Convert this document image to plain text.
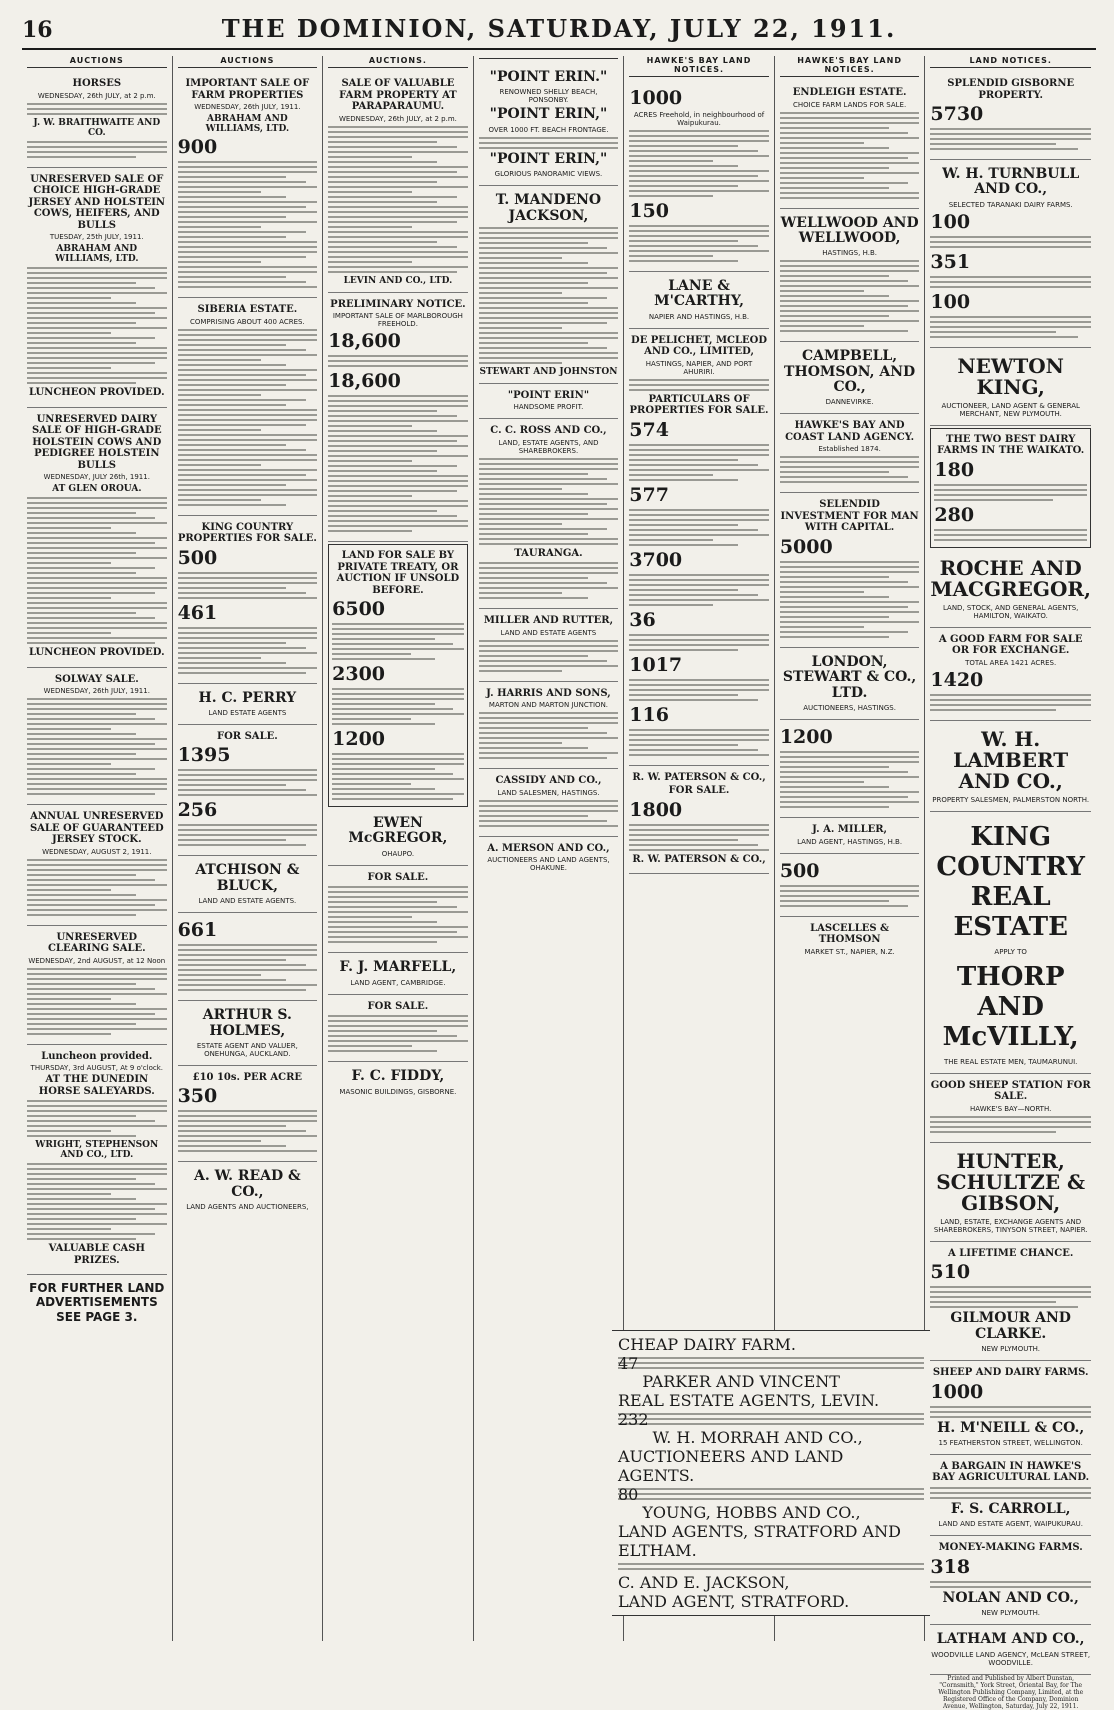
16	THE DOMINION, SATURDAY, JULY 22, 1911.
AUCTIONS
HORSES
WEDNESDAY, 26th JULY, at 2 p.m.
J. W. BRAITHWAITE AND CO.
UNRESERVED SALE OF CHOICE HIGH-GRADE JERSEY AND HOLSTEIN COWS, HEIFERS, AND BULLS
TUESDAY, 25th JULY, 1911.
ABRAHAM AND WILLIAMS, LTD.
LUNCHEON PROVIDED.
UNRESERVED DAIRY SALE OF HIGH-GRADE HOLSTEIN COWS AND PEDIGREE HOLSTEIN BULLS
WEDNESDAY, JULY 26th, 1911.
AT GLEN OROUA.
LUNCHEON PROVIDED.
SOLWAY SALE.
WEDNESDAY, 26th JULY, 1911.
ANNUAL UNRESERVED SALE OF GUARANTEED JERSEY STOCK.
WEDNESDAY, AUGUST 2, 1911.
UNRESERVED CLEARING SALE.
WEDNESDAY, 2nd AUGUST, at 12 Noon
Luncheon provided.
THURSDAY, 3rd AUGUST, At 9 o'clock.
AT THE DUNEDIN HORSE SALEYARDS.
WRIGHT, STEPHENSON AND CO., LTD.
VALUABLE CASH PRIZES.
FOR FURTHER LAND ADVERTISEMENTS SEE PAGE 3.
AUCTIONS
IMPORTANT SALE OF FARM PROPERTIES
WEDNESDAY, 26th JULY, 1911.
ABRAHAM AND WILLIAMS, LTD.
900
SIBERIA ESTATE.
COMPRISING ABOUT 400 ACRES.
KING COUNTRY PROPERTIES FOR SALE.
500
461
H. C. PERRY
LAND ESTATE AGENTS
FOR SALE.
1395
256
ATCHISON & BLUCK,
LAND AND ESTATE AGENTS.
661
ARTHUR S. HOLMES,
ESTATE AGENT AND VALUER, ONEHUNGA, AUCKLAND.
£10 10s. PER ACRE
350
A. W. READ & CO.,
LAND AGENTS AND AUCTIONEERS,
AUCTIONS.
SALE OF VALUABLE FARM PROPERTY AT PARAPARAUMU.
WEDNESDAY, 26th JULY, at 2 p.m.
LEVIN AND CO., LTD.
PRELIMINARY NOTICE.
IMPORTANT SALE OF MARLBOROUGH FREEHOLD.
18,600
18,600
LAND FOR SALE BY PRIVATE TREATY, OR AUCTION IF UNSOLD BEFORE.
6500
2300
1200
EWEN McGREGOR,
OHAUPO.
FOR SALE.
F. J. MARFELL,
LAND AGENT, CAMBRIDGE.
FOR SALE.
F. C. FIDDY,
MASONIC BUILDINGS, GISBORNE.
"POINT ERIN."
RENOWNED SHELLY BEACH, PONSONBY.
"POINT ERIN,"
OVER 1000 FT. BEACH FRONTAGE.
"POINT ERIN,"
GLORIOUS PANORAMIC VIEWS.
T. MANDENO JACKSON,
STEWART AND JOHNSTON
"POINT ERIN"
HANDSOME PROFIT.
C. C. ROSS AND CO.,
LAND, ESTATE AGENTS, AND SHAREBROKERS.
TAURANGA.
MILLER AND RUTTER,
LAND AND ESTATE AGENTS
J. HARRIS AND SONS,
MARTON AND MARTON JUNCTION.
CASSIDY AND CO.,
LAND SALESMEN, HASTINGS.
A. MERSON AND CO.,
AUCTIONEERS AND LAND AGENTS, OHAKUNE.
HAWKE'S BAY LAND NOTICES.
1000
ACRES Freehold, in neighbourhood of Waipukurau.
150
LANE & M'CARTHY,
NAPIER AND HASTINGS, H.B.
DE PELICHET, MCLEOD AND CO., LIMITED,
HASTINGS, NAPIER, AND PORT AHURIRI.
PARTICULARS OF PROPERTIES FOR SALE.
574
577
3700
36
1017
116
R. W. PATERSON & CO.,
FOR SALE.
1800
R. W. PATERSON & CO.,
HAWKE'S BAY LAND NOTICES.
ENDLEIGH ESTATE.
CHOICE FARM LANDS FOR SALE.
WELLWOOD AND WELLWOOD,
HASTINGS, H.B.
CAMPBELL, THOMSON, AND CO.,
DANNEVIRKE.
HAWKE'S BAY AND COAST LAND AGENCY.
Established 1874.
SELENDID INVESTMENT FOR MAN WITH CAPITAL.
5000
LONDON, STEWART & CO., LTD.
AUCTIONEERS, HASTINGS.
1200
J. A. MILLER,
LAND AGENT, HASTINGS, H.B.
500
LASCELLES & THOMSON
MARKET ST., NAPIER, N.Z.
LAND NOTICES.
SPLENDID GISBORNE PROPERTY.
5730
W. H. TURNBULL AND CO.,
SELECTED TARANAKI DAIRY FARMS.
100
351
100
NEWTON KING,
AUCTIONEER, LAND AGENT & GENERAL MERCHANT, NEW PLYMOUTH.
THE TWO BEST DAIRY FARMS IN THE WAIKATO.
180
280
ROCHE AND MACGREGOR,
LAND, STOCK, AND GENERAL AGENTS, HAMILTON, WAIKATO.
A GOOD FARM FOR SALE OR FOR EXCHANGE.
TOTAL AREA 1421 ACRES.
1420
W. H. LAMBERT AND CO.,
PROPERTY SALESMEN, PALMERSTON NORTH.
KING COUNTRY REAL ESTATE
APPLY TO
THORP AND McVILLY,
THE REAL ESTATE MEN, TAUMARUNUI.
GOOD SHEEP STATION FOR SALE.
HAWKE'S BAY—NORTH.
HUNTER, SCHULTZE & GIBSON,
LAND, ESTATE, EXCHANGE AGENTS AND SHAREBROKERS, TINYSON STREET, NAPIER.
A LIFETIME CHANCE.
510
GILMOUR AND CLARKE.
NEW PLYMOUTH.
SHEEP AND DAIRY FARMS.
1000
H. M'NEILL & CO.,
15 FEATHERSTON STREET, WELLINGTON.
A BARGAIN IN HAWKE'S BAY AGRICULTURAL LAND.
F. S. CARROLL,
LAND AND ESTATE AGENT, WAIPUKURAU.
MONEY-MAKING FARMS.
318
NOLAN AND CO.,
NEW PLYMOUTH.
LATHAM AND CO.,
WOODVILLE LAND AGENCY, McLEAN STREET, WOODVILLE.
Printed and Published by Albert Dunstan, "Cornsmith," York Street, Oriental Bay, for The Wellington Publishing Company, Limited, at the Registered Office of the Company, Dominion Avenue, Wellington, Saturday, July 22, 1911.
CHEAP DAIRY FARM.
47
PARKER AND VINCENT
REAL ESTATE AGENTS, LEVIN.
232
W. H. MORRAH AND CO.,
AUCTIONEERS AND LAND AGENTS.
80
YOUNG, HOBBS AND CO.,
LAND AGENTS, STRATFORD AND ELTHAM.
C. AND E. JACKSON,
LAND AGENT, STRATFORD.
